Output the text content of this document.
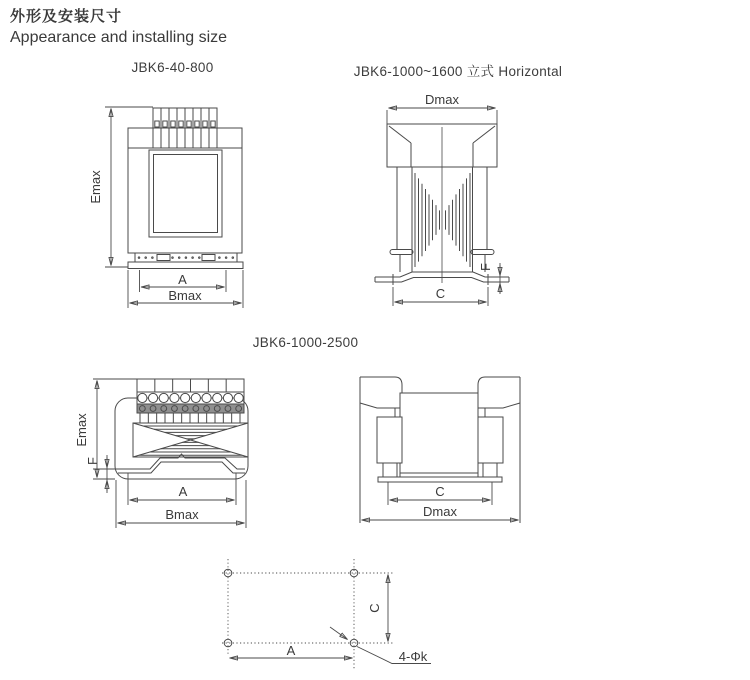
外形及安装尺寸
Appearance and installing size
JBK6-40-800	JBK6-1000~1600 立式 Horizontal
JBK6-1000-2500
Emax
A
Bmax
Dmax
C
F
Emax
F
A
Bmax
C
Dmax
C
A	4-Φk
